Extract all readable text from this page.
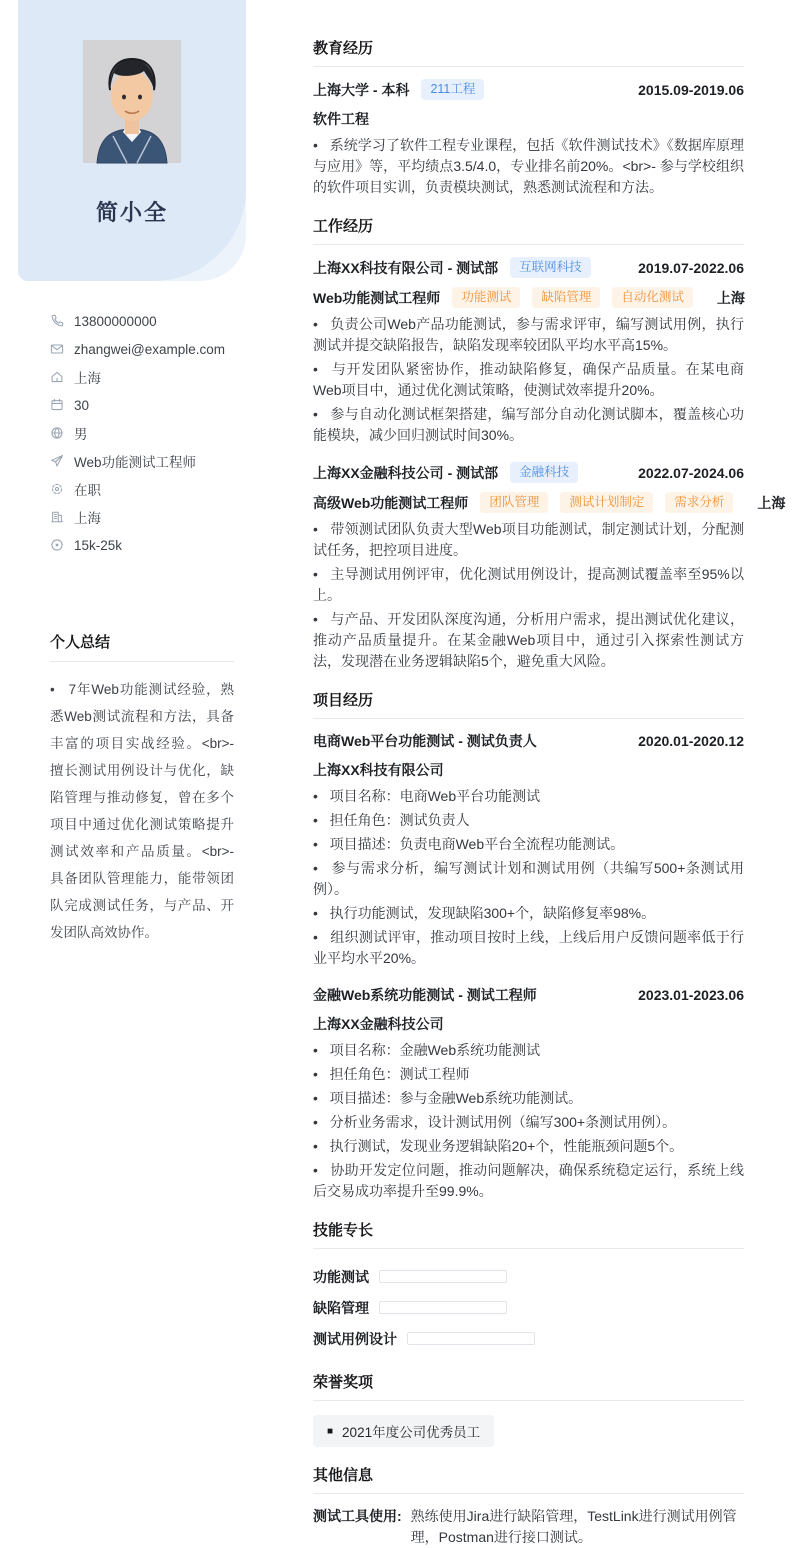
简小全
13800000000
zhangwei@example.com
上海
30
男
Web功能测试工程师
在职
上海
15k-25k
个人总结
•   7年Web功能测试经验，熟悉Web测试流程和方法，具备丰富的项目实战经验。<br>- 擅长测试用例设计与优化，缺陷管理与推动修复，曾在多个项目中通过优化测试策略提升测试效率和产品质量。<br>- 具备团队管理能力，能带领团队完成测试任务，与产品、开发团队高效协作。
教育经历
上海大学 - 本科	211工程	2015.09-2019.06
软件工程

•   系统学习了软件工程专业课程，包括《软件测试技术》《数据库原理与应用》等，平均绩点3.5/4.0，专业排名前20%。<br>- 参与学校组织的软件项目实训，负责模块测试，熟悉测试流程和方法。

工作经历
上海XX科技有限公司 - 测试部	互联网科技	2019.07-2022.06
Web功能测试工程师	功能测试	缺陷管理	自动化测试	上海

•   负责公司Web产品功能测试，参与需求评审，编写测试用例，执行测试并提交缺陷报告，缺陷发现率较团队平均水平高15%。

•   与开发团队紧密协作，推动缺陷修复，确保产品质量。在某电商Web项目中，通过优化测试策略，使测试效率提升20%。

•   参与自动化测试框架搭建，编写部分自动化测试脚本，覆盖核心功能模块，减少回归测试时间30%。

上海XX金融科技公司 - 测试部	金融科技	2022.07-2024.06
高级Web功能测试工程师	团队管理	测试计划制定	需求分析	上海

•   带领测试团队负责大型Web项目功能测试，制定测试计划，分配测试任务，把控项目进度。

•   主导测试用例评审，优化测试用例设计，提高测试覆盖率至95%以上。

•   与产品、开发团队深度沟通，分析用户需求，提出测试优化建议，推动产品质量提升。在某金融Web项目中，通过引入探索性测试方法，发现潜在业务逻辑缺陷5个，避免重大风险。

项目经历
电商Web平台功能测试 - 测试负责人	2020.01-2020.12
上海XX科技有限公司

•   项目名称：电商Web平台功能测试

•   担任角色：测试负责人

•   项目描述：负责电商Web平台全流程功能测试。

•   参与需求分析，编写测试计划和测试用例（共编写500+条测试用例）。

•   执行功能测试，发现缺陷300+个，缺陷修复率98%。

•   组织测试评审，推动项目按时上线，上线后用户反馈问题率低于行业平均水平20%。

金融Web系统功能测试 - 测试工程师	2023.01-2023.06
上海XX金融科技公司

•   项目名称：金融Web系统功能测试

•   担任角色：测试工程师

•   项目描述：参与金融Web系统功能测试。

•   分析业务需求，设计测试用例（编写300+条测试用例）。

•   执行测试，发现业务逻辑缺陷20+个，性能瓶颈问题5个。

•   协助开发定位问题，推动问题解决，确保系统稳定运行，系统上线后交易成功率提升至99.9%。

技能专长
功能测试
缺陷管理
测试用例设计
荣誉奖项
■ 2021年度公司优秀员工
其他信息
测试工具使用: 熟练使用Jira进行缺陷管理，TestLink进行测试用例管理，Postman进行接口测试。
